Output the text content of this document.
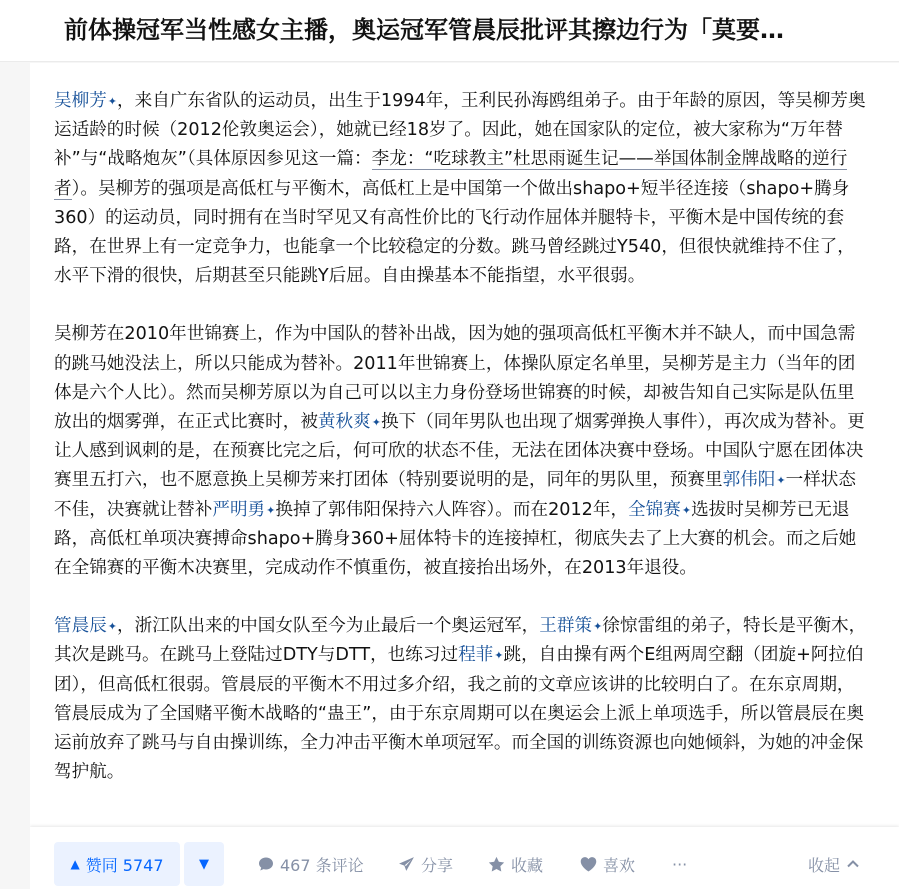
前体操冠军当性感女主播，奥运冠军管晨辰批评其擦边行为「莫要…

吴柳芳✦，来自广东省队的运动员，出生于1994年，王利民孙海鸥组弟子。由于年龄的原因，等吴柳芳奥运适龄的时候（2012伦敦奥运会），她就已经18岁了。因此，她在国家队的定位，被大家称为“万年替补”与“战略炮灰”（具体原因参见这一篇：李龙：“吃球教主”杜思雨诞生记——举国体制金牌战略的逆行者）。吴柳芳的强项是高低杠与平衡木，高低杠上是中国第一个做出shapo+短半径连接（shapo+腾身360）的运动员，同时拥有在当时罕见又有高性价比的飞行动作屈体并腿特卡，平衡木是中国传统的套路，在世界上有一定竞争力，也能拿一个比较稳定的分数。跳马曾经跳过Y540，但很快就维持不住了，水平下滑的很快，后期甚至只能跳Y后屈。自由操基本不能指望，水平很弱。

吴柳芳在2010年世锦赛上，作为中国队的替补出战，因为她的强项高低杠平衡木并不缺人，而中国急需的跳马她没法上，所以只能成为替补。2011年世锦赛上，体操队原定名单里，吴柳芳是主力（当年的团体是六个人比）。然而吴柳芳原以为自己可以以主力身份登场世锦赛的时候，却被告知自己实际是队伍里放出的烟雾弹，在正式比赛时，被黄秋爽✦换下（同年男队也出现了烟雾弹换人事件），再次成为替补。更让人感到讽刺的是，在预赛比完之后，何可欣的状态不佳，无法在团体决赛中登场。中国队宁愿在团体决赛里五打六，也不愿意换上吴柳芳来打团体（特别要说明的是，同年的男队里，预赛里郭伟阳✦一样状态不佳，决赛就让替补严明勇✦换掉了郭伟阳保持六人阵容）。而在2012年，全锦赛✦选拔时吴柳芳已无退路，高低杠单项决赛搏命shapo+腾身360+屈体特卡的连接掉杠，彻底失去了上大赛的机会。而之后她在全锦赛的平衡木决赛里，完成动作不慎重伤，被直接抬出场外，在2013年退役。

管晨辰✦，浙江队出来的中国女队至今为止最后一个奥运冠军，王群策✦徐惊雷组的弟子，特长是平衡木，其次是跳马。在跳马上登陆过DTY与DTT，也练习过程菲✦跳，自由操有两个E组两周空翻（团旋+阿拉伯团），但高低杠很弱。管晨辰的平衡木不用过多介绍，我之前的文章应该讲的比较明白了。在东京周期，管晨辰成为了全国赌平衡木战略的“蛊王”，由于东京周期可以在奥运会上派上单项选手，所以管晨辰在奥运前放弃了跳马与自由操训练，全力冲击平衡木单项冠军。而全国的训练资源也向她倾斜，为她的冲金保驾护航。

▲ 赞同 5747	▼	467 条评论	分享	收藏	喜欢 ···	收起
